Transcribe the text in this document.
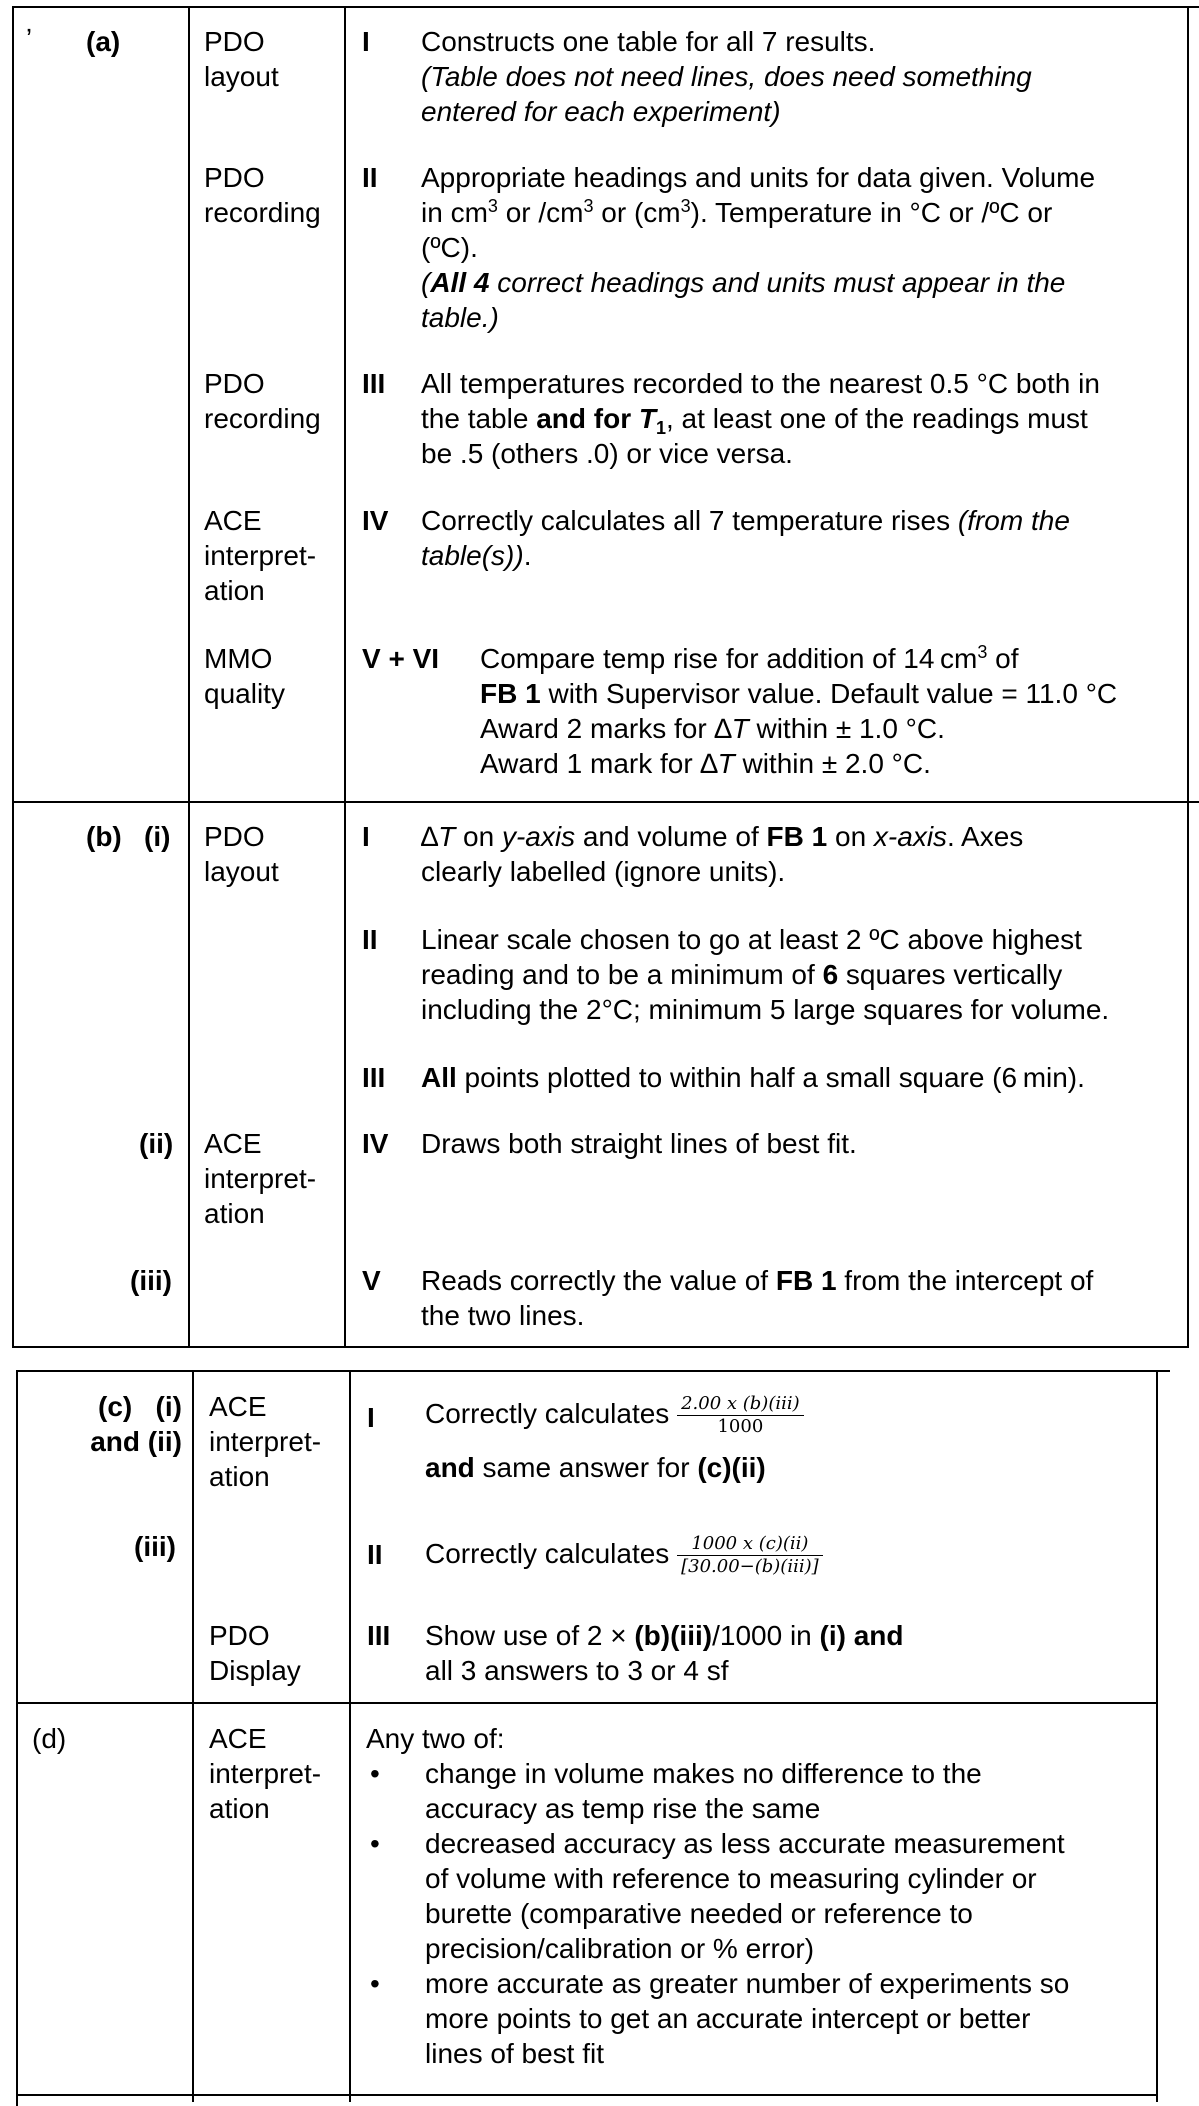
ʼ (a)	PDO
layout
PDO
recording
PDO
recording
ACE
interpret-
ation
MMO
quality
I Constructs one table for all 7 results.
(Table does not need lines, does need something
entered for each experiment)
II Appropriate headings and units for data given. Volume
in $cm^3$ or $/cm^3$ or $(cm^3)$. Temperature in °C or /ºC or
(ºC).
(All 4 correct headings and units must appear in the
table.)
III All temperatures recorded to the nearest 0.5 °C both in
the table and for $T_1$, at least one of the readings must
be .5 (others .0) or vice versa.
IV Correctly calculates all 7 temperature rises (from the
table(s)).
V + VI Compare temp rise for addition of 14 $cm^3$ of
FB 1 with Supervisor value. Default value = 11.0 °C
Award 2 marks for ∆T within ± 1.0 °C.
Award 1 mark for ∆T within ± 2.0 °C.
(b) (i)
(ii)
(iii)
PDO
layout
ACE
interpret-
ation
I ∆T on y-axis and volume of FB 1 on x-axis. Axes
clearly labelled (ignore units).
II Linear scale chosen to go at least 2 ºC above highest
reading and to be a minimum of 6 squares vertically
including the 2°C; minimum 5 large squares for volume.
III All points plotted to within half a small square (6 min).
IV Draws both straight lines of best fit.
V Reads correctly the value of FB 1 from the intercept of
the two lines.
(c)   (i)
and (ii)
(iii)
ACE
interpret-
ation
PDO
Display
I Correctly calculates $\frac{\text{2.00 x (b)(iii)}}{1000}$
and same answer for (c)(ii)
II Correctly calculates $\frac{1000 x (c)(ii)}{\text{[30.00−(b)(iii)]}}$
III Show use of 2 × (b)(iii)/1000 in (i) and
all 3 answers to 3 or 4 sf
(d)	ACE
interpret-
ation
Any two of:
• change in volume makes no difference to the
accuracy as temp rise the same
• decreased accuracy as less accurate measurement
of volume with reference to measuring cylinder or
burette (comparative needed or reference to
precision/calibration or % error)
• more accurate as greater number of experiments so
more points to get an accurate intercept or better
lines of best fit
